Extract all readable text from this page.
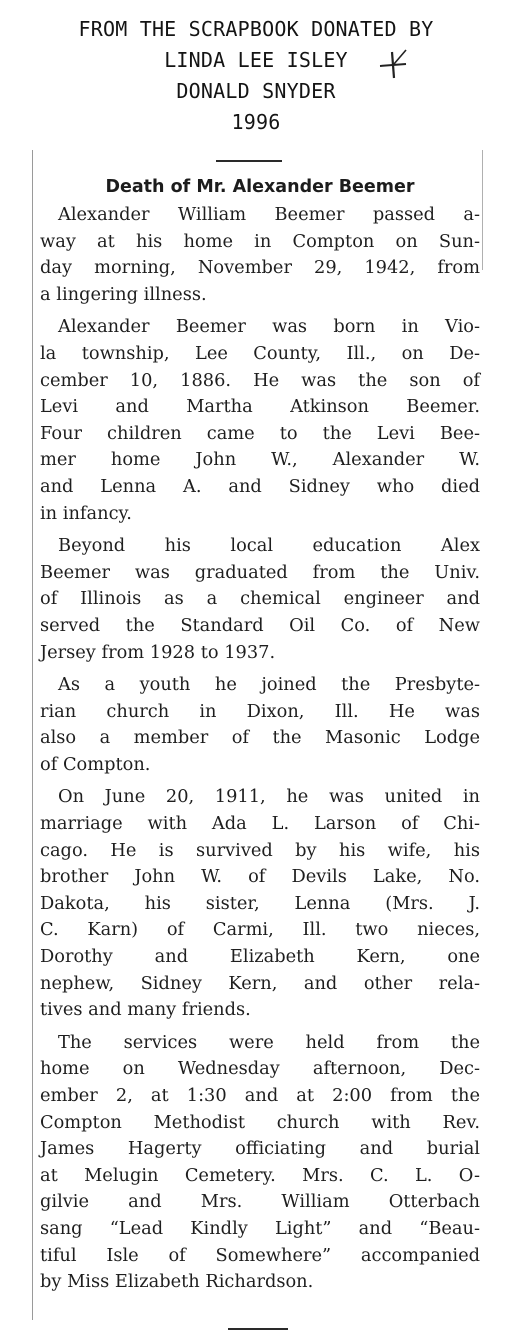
FROM THE SCRAPBOOK DONATED BY
LINDA LEE ISLEY
DONALD SNYDER
1996
Death of Mr. Alexander Beemer
Alexander William Beemer passed a-
way at his home in Compton on Sun-
day morning, November 29, 1942, from
a lingering illness.
Alexander Beemer was born in Vio-
la township, Lee County, Ill., on De-
cember 10, 1886. He was the son of
Levi and Martha Atkinson Beemer.
Four children came to the Levi Bee-
mer home John W., Alexander W.
and Lenna A. and Sidney who died
in infancy.
Beyond his local education Alex
Beemer was graduated from the Univ.
of Illinois as a chemical engineer and
served the Standard Oil Co. of New
Jersey from 1928 to 1937.
As a youth he joined the Presbyte-
rian church in Dixon, Ill. He was
also a member of the Masonic Lodge
of Compton.
On June 20, 1911, he was united in
marriage with Ada L. Larson of Chi-
cago. He is survived by his wife, his
brother John W. of Devils Lake, No.
Dakota, his sister, Lenna (Mrs. J.
C. Karn) of Carmi, Ill. two nieces,
Dorothy and Elizabeth Kern, one
nephew, Sidney Kern, and other rela-
tives and many friends.
The services were held from the
home on Wednesday afternoon, Dec-
ember 2, at 1:30 and at 2:00 from the
Compton Methodist church with Rev.
James Hagerty officiating and burial
at Melugin Cemetery. Mrs. C. L. O-
gilvie and Mrs. William Otterbach
sang “Lead Kindly Light” and “Beau-
tiful Isle of Somewhere” accompanied
by Miss Elizabeth Richardson.
